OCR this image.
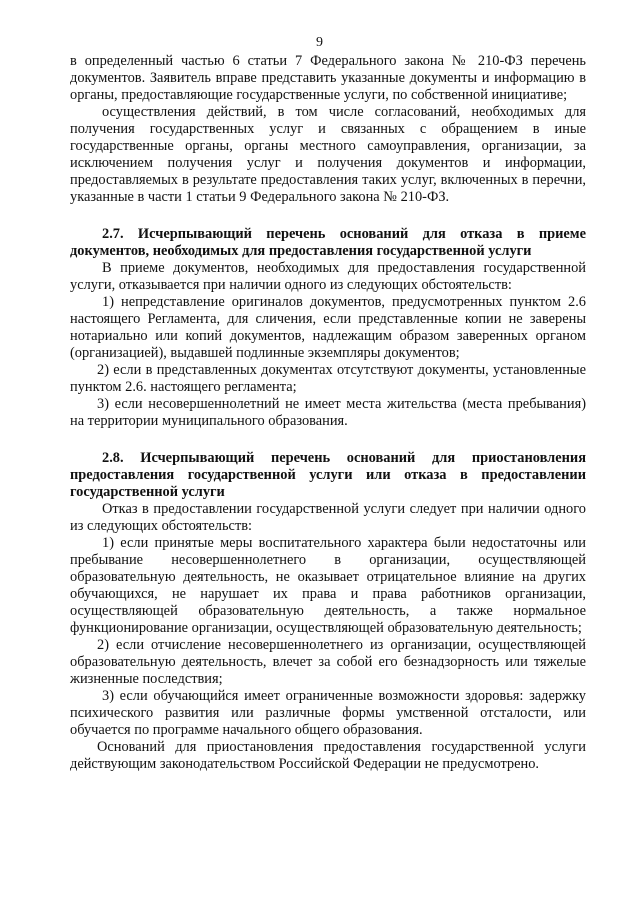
9

в определенный частью 6 статьи 7 Федерального закона № 210-ФЗ перечень документов. Заявитель вправе представить указанные документы и информацию в органы, предоставляющие государственные услуги, по собственной инициативе;

осуществления действий, в том числе согласований, необходимых для получения государственных услуг и связанных с обращением в иные государственные органы, органы местного самоуправления, организации, за исключением получения услуг и получения документов и информации, предоставляемых в результате предоставления таких услуг, включенных в перечни, указанные в части 1 статьи 9 Федерального закона № 210-ФЗ.

2.7. Исчерпывающий перечень оснований для отказа в приеме документов, необходимых для предоставления государственной услуги

В приеме документов, необходимых для предоставления государственной услуги, отказывается при наличии одного из следующих обстоятельств:

1) непредставление оригиналов документов, предусмотренных пунктом 2.6 настоящего Регламента, для сличения, если представленные копии не заверены нотариально или копий документов, надлежащим образом заверенных органом (организацией), выдавшей подлинные экземпляры документов;

2) если в представленных документах отсутствуют документы, установленные пунктом 2.6. настоящего регламента;

3) если несовершеннолетний не имеет места жительства (места пребывания) на территории муниципального образования.

2.8. Исчерпывающий перечень оснований для приостановления предоставления государственной услуги или отказа в предоставлении государственной услуги

Отказ в предоставлении государственной услуги следует при наличии одного из следующих обстоятельств:

1) если принятые меры воспитательного характера были недостаточны или пребывание несовершеннолетнего в организации, осуществляющей образовательную деятельность, не оказывает отрицательное влияние на других обучающихся, не нарушает их права и права работников организации, осуществляющей образовательную деятельность, а также нормальное функционирование организации, осуществляющей образовательную деятельность;

2) если отчисление несовершеннолетнего из организации, осуществляющей образовательную деятельность, влечет за собой его безнадзорность или тяжелые жизненные последствия;

3) если обучающийся имеет ограниченные возможности здоровья: задержку психического развития или различные формы умственной отсталости, или обучается по программе начального общего образования.

Оснований для приостановления предоставления государственной услуги действующим законодательством Российской Федерации не предусмотрено.
